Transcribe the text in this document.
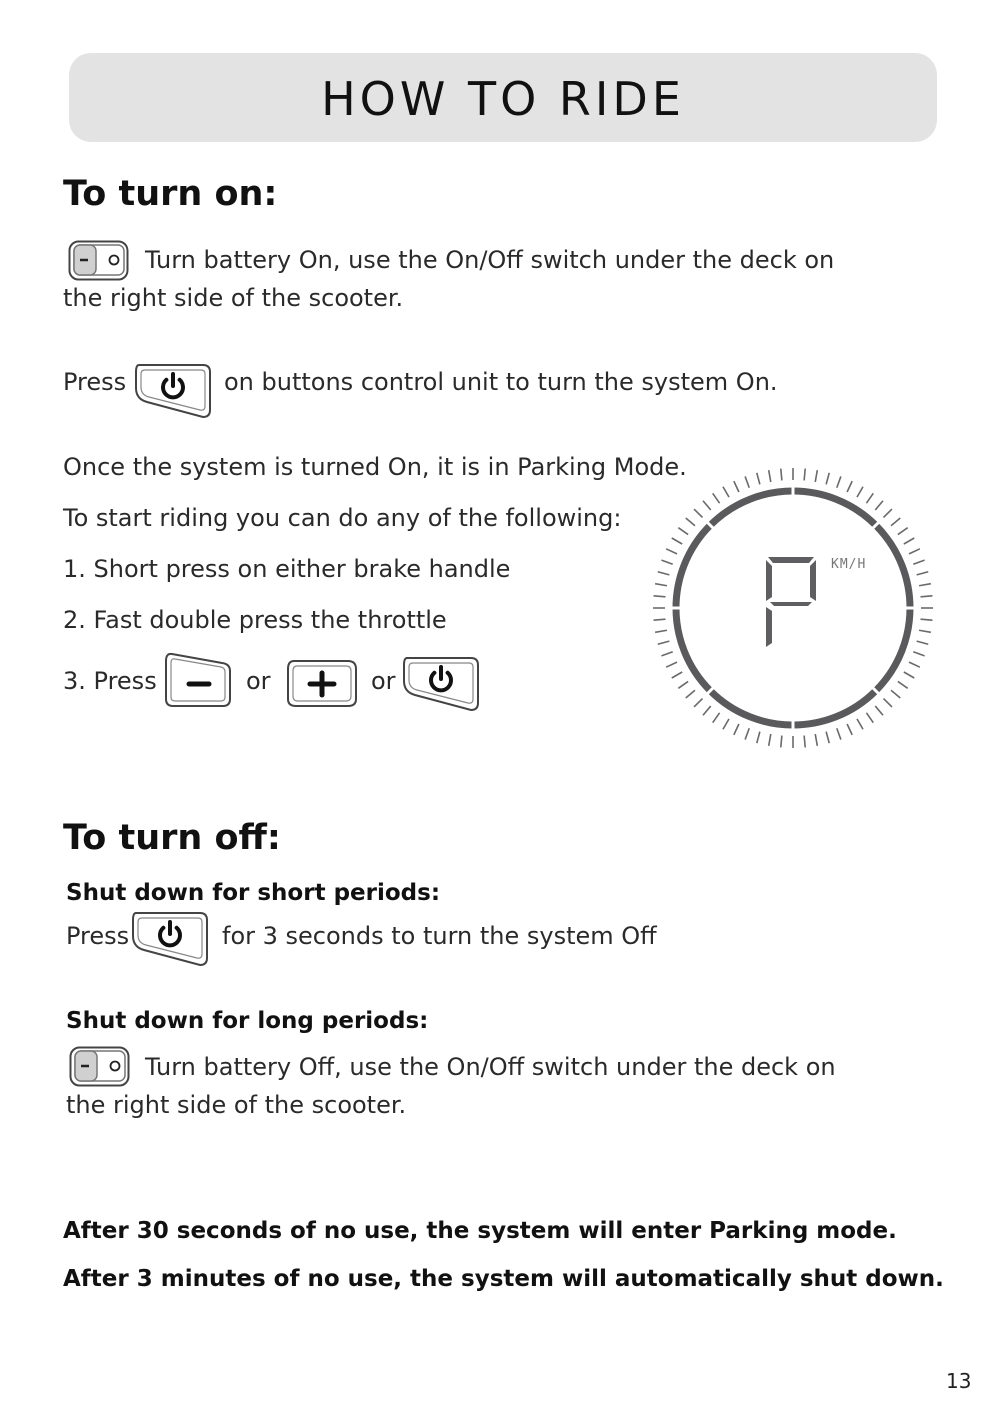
HOW TO RIDE
To turn on:
Turn battery On, use the On/Off switch under the deck on
the right side of the scooter.
Press	on buttons control unit to turn the system On.
Once the system is turned On, it is in Parking Mode.
To start riding you can do any of the following:
1. Short press on either brake handle
2. Fast double press the throttle
3. Press	or	or
KM/H
To turn off:
Shut down for short periods:
Press	for 3 seconds to turn the system Off
Shut down for long periods:
Turn battery Off, use the On/Off switch under the deck on
the right side of the scooter.
After 30 seconds of no use, the system will enter Parking mode.
After 3 minutes of no use, the system will automatically shut down.
13
